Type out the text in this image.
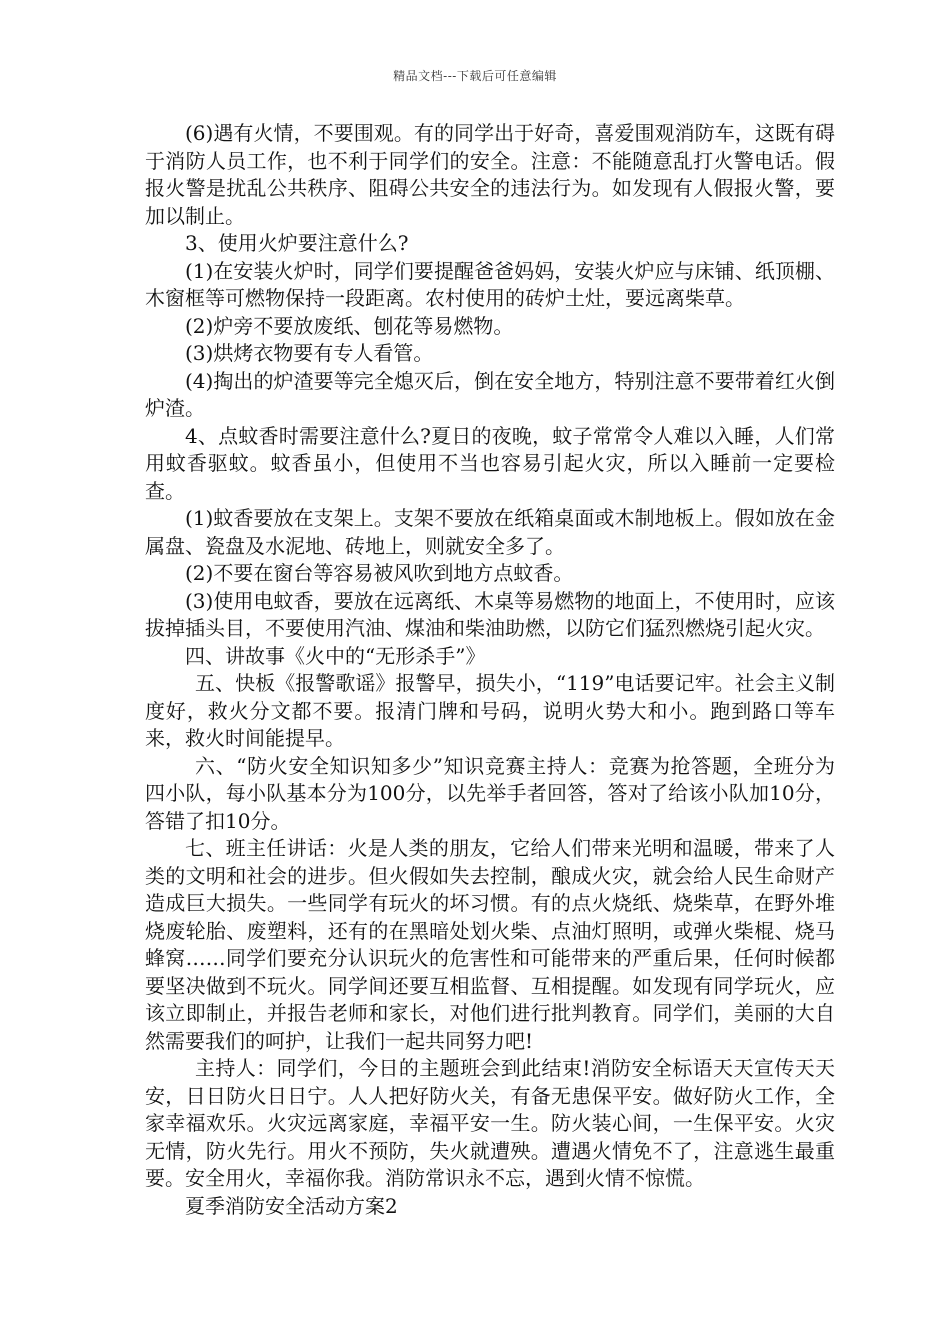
精品文档---下载后可任意编辑

(6)遇有火情，不要围观。有的同学出于好奇，喜爱围观消防车，这既有碍于消防人员工作，也不利于同学们的安全。注意：不能随意乱打火警电话。假报火警是扰乱公共秩序、阻碍公共安全的违法行为。如发现有人假报火警，要加以制止。

3、使用火炉要注意什么?

(1)在安装火炉时，同学们要提醒爸爸妈妈，安装火炉应与床铺、纸顶棚、木窗框等可燃物保持一段距离。农村使用的砖炉土灶，要远离柴草。

(2)炉旁不要放废纸、刨花等易燃物。

(3)烘烤衣物要有专人看管。

(4)掏出的炉渣要等完全熄灭后，倒在安全地方，特别注意不要带着红火倒炉渣。

4、点蚊香时需要注意什么?夏日的夜晚，蚊子常常令人难以入睡，人们常用蚊香驱蚊。蚊香虽小，但使用不当也容易引起火灾，所以入睡前一定要检查。

(1)蚊香要放在支架上。支架不要放在纸箱桌面或木制地板上。假如放在金属盘、瓷盘及水泥地、砖地上，则就安全多了。

(2)不要在窗台等容易被风吹到地方点蚊香。

(3)使用电蚊香，要放在远离纸、木桌等易燃物的地面上，不使用时，应该拔掉插头目，不要使用汽油、煤油和柴油助燃，以防它们猛烈燃烧引起火灾。

四、讲故事《火中的“无形杀手”》

五、快板《报警歌谣》报警早，损失小，“119”电话要记牢。社会主义制度好，救火分文都不要。报清门牌和号码，说明火势大和小。跑到路口等车来，救火时间能提早。

六、“防火安全知识知多少”知识竞赛主持人：竞赛为抢答题，全班分为四小队，每小队基本分为100分，以先举手者回答，答对了给该小队加10分，答错了扣10分。

七、班主任讲话：火是人类的朋友，它给人们带来光明和温暖，带来了人类的文明和社会的进步。但火假如失去控制，酿成火灾，就会给人民生命财产造成巨大损失。一些同学有玩火的坏习惯。有的点火烧纸、烧柴草，在野外堆烧废轮胎、废塑料，还有的在黑暗处划火柴、点油灯照明，或弹火柴棍、烧马蜂窝……同学们要充分认识玩火的危害性和可能带来的严重后果，任何时候都要坚决做到不玩火。同学间还要互相监督、互相提醒。如发现有同学玩火，应该立即制止，并报告老师和家长，对他们进行批判教育。同学们，美丽的大自然需要我们的呵护，让我们一起共同努力吧!

主持人：同学们，今日的主题班会到此结束!消防安全标语天天宣传天天安，日日防火日日宁。人人把好防火关，有备无患保平安。做好防火工作，全家幸福欢乐。火灾远离家庭，幸福平安一生。防火装心间，一生保平安。火灾无情，防火先行。用火不预防，失火就遭殃。遭遇火情免不了，注意逃生最重要。安全用火，幸福你我。消防常识永不忘，遇到火情不惊慌。

夏季消防安全活动方案2
